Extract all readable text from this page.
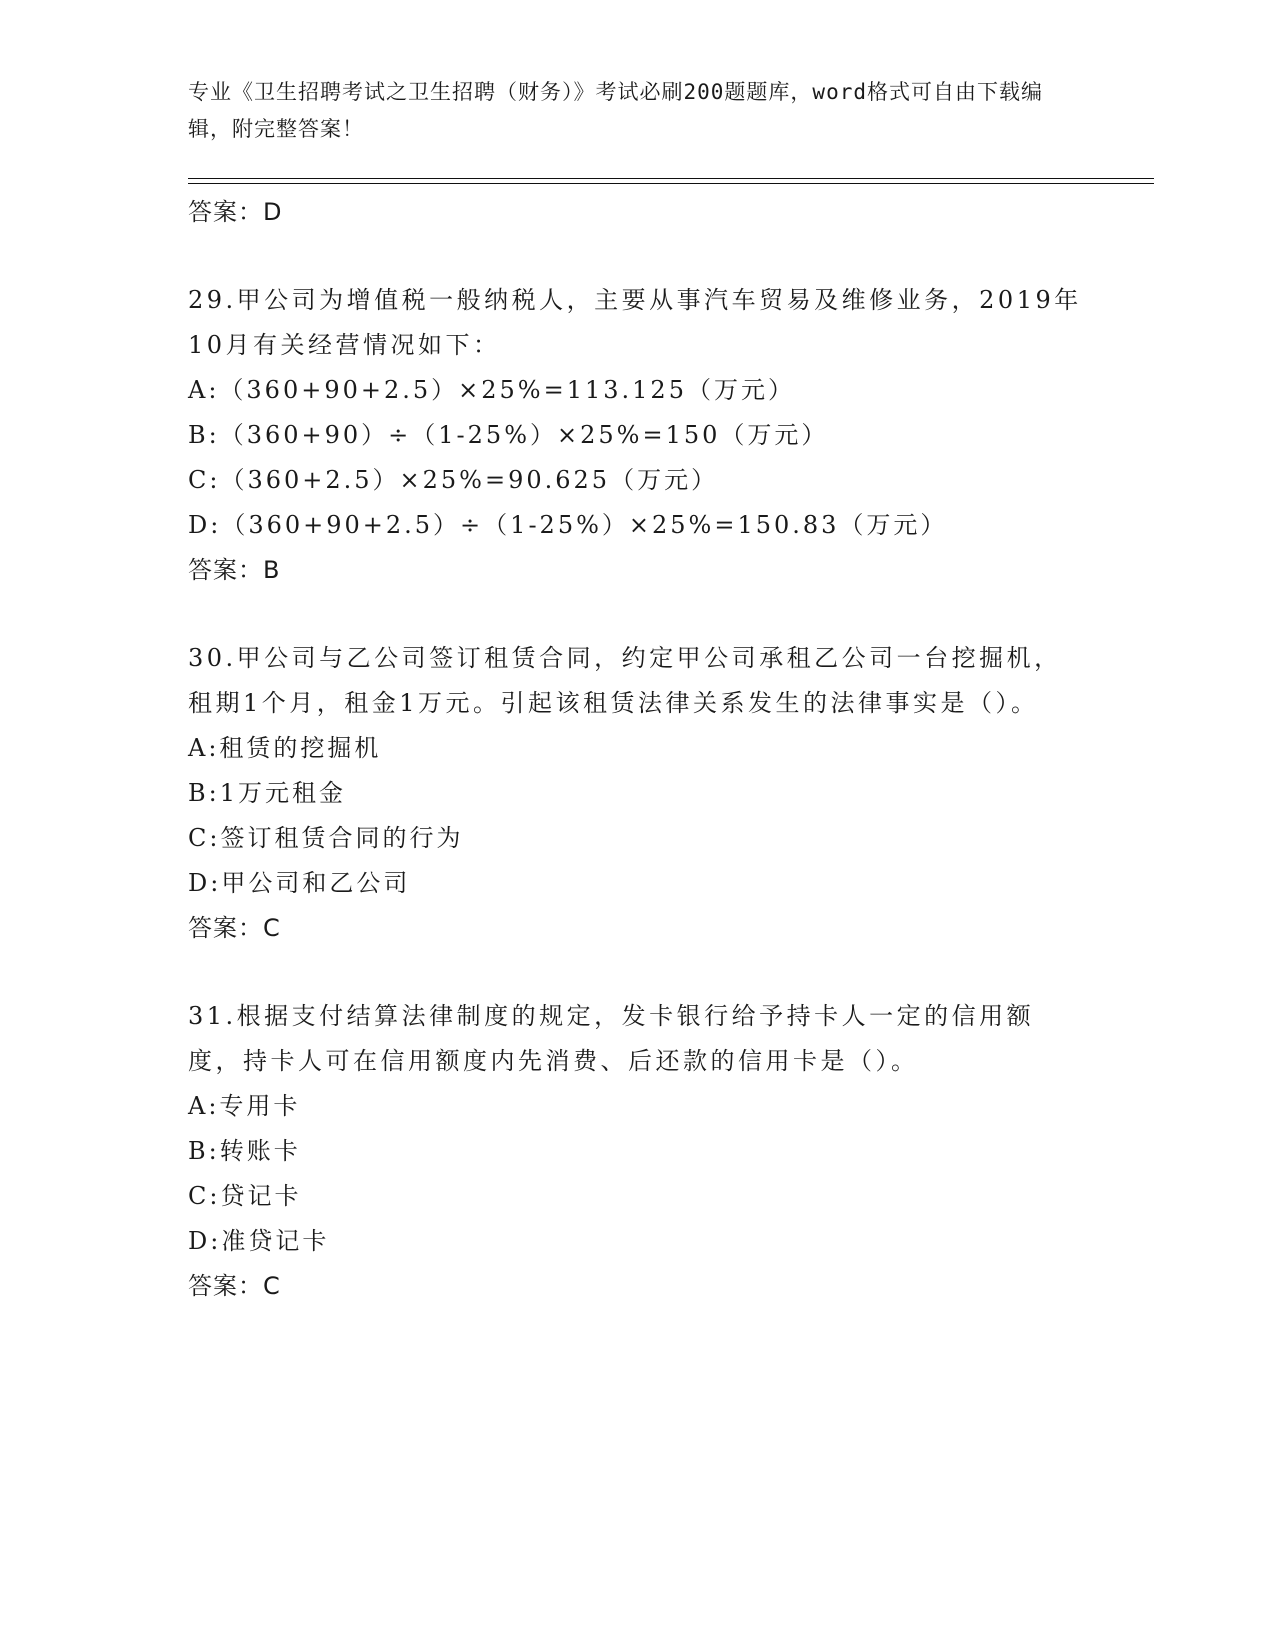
专业《卫生招聘考试之卫生招聘（财务）》考试必刷200题题库，word格式可自由下载编辑，附完整答案！

答案：D

29.甲公司为增值税一般纳税人，主要从事汽车贸易及维修业务，2019年10月有关经营情况如下：

A:（360+90+2.5）×25%=113.125（万元）

B:（360+90）÷（1-25%）×25%=150（万元）

C:（360+2.5）×25%=90.625（万元）

D:（360+90+2.5）÷（1-25%）×25%=150.83（万元）

答案：B

30.甲公司与乙公司签订租赁合同，约定甲公司承租乙公司一台挖掘机，租期1个月，租金1万元。引起该租赁法律关系发生的法律事实是（）。

A:租赁的挖掘机

B:1万元租金

C:签订租赁合同的行为

D:甲公司和乙公司

答案：C

31.根据支付结算法律制度的规定，发卡银行给予持卡人一定的信用额度，持卡人可在信用额度内先消费、后还款的信用卡是（）。

A:专用卡

B:转账卡

C:贷记卡

D:准贷记卡

答案：C
